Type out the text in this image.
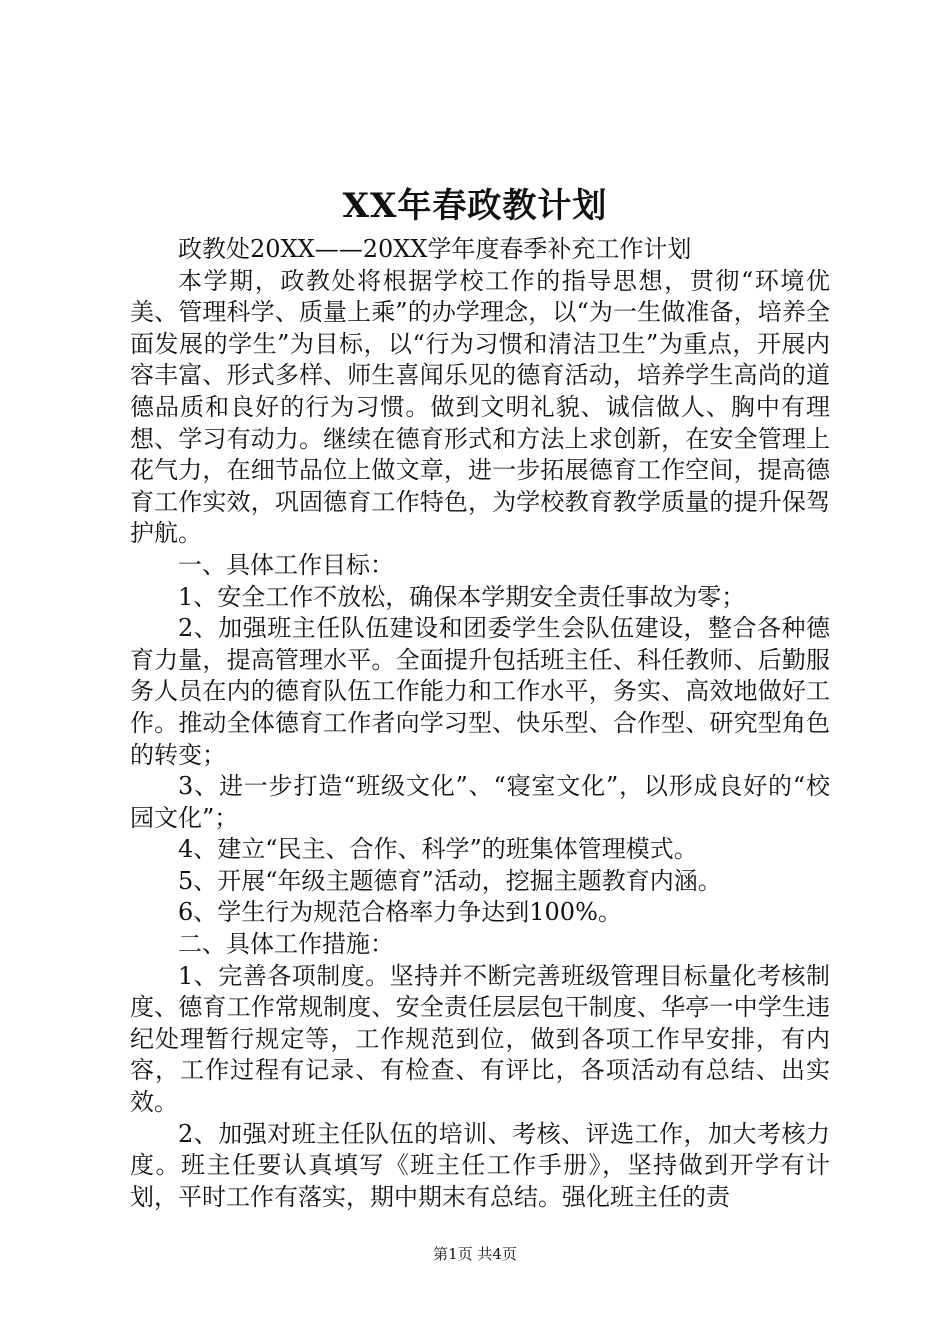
XX年春政教计划

政教处20XX——20XX学年度春季补充工作计划

本学期，政教处将根据学校工作的指导思想，贯彻“环境优美、管理科学、质量上乘”的办学理念，以“为一生做准备，培养全面发展的学生”为目标，以“行为习惯和清洁卫生”为重点，开展内容丰富、形式多样、师生喜闻乐见的德育活动，培养学生高尚的道德品质和良好的行为习惯。做到文明礼貌、诚信做人、胸中有理想、学习有动力。继续在德育形式和方法上求创新，在安全管理上花气力，在细节品位上做文章，进一步拓展德育工作空间，提高德育工作实效，巩固德育工作特色，为学校教育教学质量的提升保驾护航。

一、具体工作目标：

1、安全工作不放松，确保本学期安全责任事故为零；

2、加强班主任队伍建设和团委学生会队伍建设，整合各种德育力量，提高管理水平。全面提升包括班主任、科任教师、后勤服务人员在内的德育队伍工作能力和工作水平，务实、高效地做好工作。推动全体德育工作者向学习型、快乐型、合作型、研究型角色的转变；

3、进一步打造“班级文化”、“寝室文化”，以形成良好的“校园文化”；

4、建立“民主、合作、科学”的班集体管理模式。

5、开展“年级主题德育”活动，挖掘主题教育内涵。

6、学生行为规范合格率力争达到100%。

二、具体工作措施：

1、完善各项制度。坚持并不断完善班级管理目标量化考核制度、德育工作常规制度、安全责任层层包干制度、华亭一中学生违纪处理暂行规定等，工作规范到位，做到各项工作早安排，有内容，工作过程有记录、有检查、有评比，各项活动有总结、出实效。

2、加强对班主任队伍的培训、考核、评选工作，加大考核力度。班主任要认真填写《班主任工作手册》，坚持做到开学有计划，平时工作有落实，期中期末有总结。强化班主任的责

第1页 共4页
